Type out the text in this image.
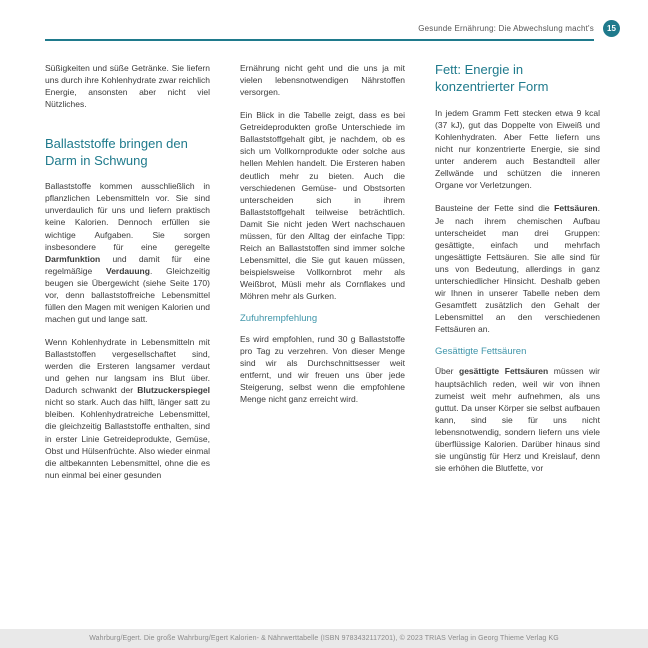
Gesunde Ernährung: Die Abwechslung macht's	15

Süßigkeiten und süße Getränke. Sie liefern uns durch ihre Kohlenhydrate zwar reichlich Energie, ansonsten aber nicht viel Nützliches.

Ballaststoffe bringen den Darm in Schwung

Ballaststoffe kommen ausschließlich in pflanzlichen Lebensmitteln vor. Sie sind unverdaulich für uns und liefern praktisch keine Kalorien. Dennoch erfüllen sie wichtige Aufgaben. Sie sorgen insbesondere für eine geregelte Darmfunktion und damit für eine regelmäßige Verdauung. Gleichzeitig beugen sie Übergewicht (siehe Seite 170) vor, denn ballaststoffreiche Lebensmittel füllen den Magen mit wenigen Kalorien und machen gut und lange satt.

Wenn Kohlenhydrate in Lebensmitteln mit Ballaststoffen vergesellschaftet sind, werden die Ersteren langsamer verdaut und gehen nur langsam ins Blut über. Dadurch schwankt der Blutzuckerspiegel nicht so stark. Auch das hilft, länger satt zu bleiben. Kohlenhydratreiche Lebensmittel, die gleichzeitig Ballaststoffe enthalten, sind in erster Linie Getreideprodukte, Gemüse, Obst und Hülsenfrüchte. Also wieder einmal die altbekannten Lebensmittel, ohne die es nun einmal bei einer gesunden

Ernährung nicht geht und die uns ja mit vielen lebensnotwendigen Nährstoffen versorgen.

Ein Blick in die Tabelle zeigt, dass es bei Getreideprodukten große Unterschiede im Ballaststoffgehalt gibt, je nachdem, ob es sich um Vollkornprodukte oder solche aus hellen Mehlen handelt. Die Ersteren haben deutlich mehr zu bieten. Auch die verschiedenen Gemüse- und Obstsorten unterscheiden sich in ihrem Ballaststoffgehalt teilweise beträchtlich. Damit Sie nicht jeden Wert nachschauen müssen, für den Alltag der einfache Tipp: Reich an Ballaststoffen sind immer solche Lebensmittel, die Sie gut kauen müssen, beispielsweise Vollkornbrot mehr als Weißbrot, Müsli mehr als Cornflakes und Möhren mehr als Gurken.

Zufuhrempfehlung

Es wird empfohlen, rund 30 g Ballaststoffe pro Tag zu verzehren. Von dieser Menge sind wir als Durchschnittsesser weit entfernt, und wir freuen uns über jede Steigerung, selbst wenn die empfohlene Menge nicht ganz erreicht wird.

Fett: Energie in konzentrierter Form

In jedem Gramm Fett stecken etwa 9 kcal (37 kJ), gut das Doppelte von Eiweiß und Kohlenhydraten. Aber Fette liefern uns nicht nur konzentrierte Energie, sie sind unter anderem auch Bestandteil aller Zellwände und schützen die inneren Organe vor Verletzungen.

Bausteine der Fette sind die Fettsäuren. Je nach ihrem chemischen Aufbau unterscheidet man drei Gruppen: gesättigte, einfach und mehrfach ungesättigte Fettsäuren. Sie alle sind für uns von Bedeutung, allerdings in ganz unterschiedlicher Hinsicht. Deshalb geben wir Ihnen in unserer Tabelle neben dem Gesamtfett zusätzlich den Gehalt der Lebensmittel an den verschiedenen Fettsäuren an.

Gesättigte Fettsäuren

Über gesättigte Fettsäuren müssen wir hauptsächlich reden, weil wir von ihnen zumeist weit mehr aufnehmen, als uns guttut. Da unser Körper sie selbst aufbauen kann, sind sie für uns nicht lebensnotwendig, sondern liefern uns viele überflüssige Kalorien. Darüber hinaus sind sie ungünstig für Herz und Kreislauf, denn sie erhöhen die Blutfette, vor

Wahrburg/Egert. Die große Wahrburg/Egert Kalorien- & Nährwerttabelle (ISBN 9783432117201), © 2023 TRIAS Verlag in Georg Thieme Verlag KG
